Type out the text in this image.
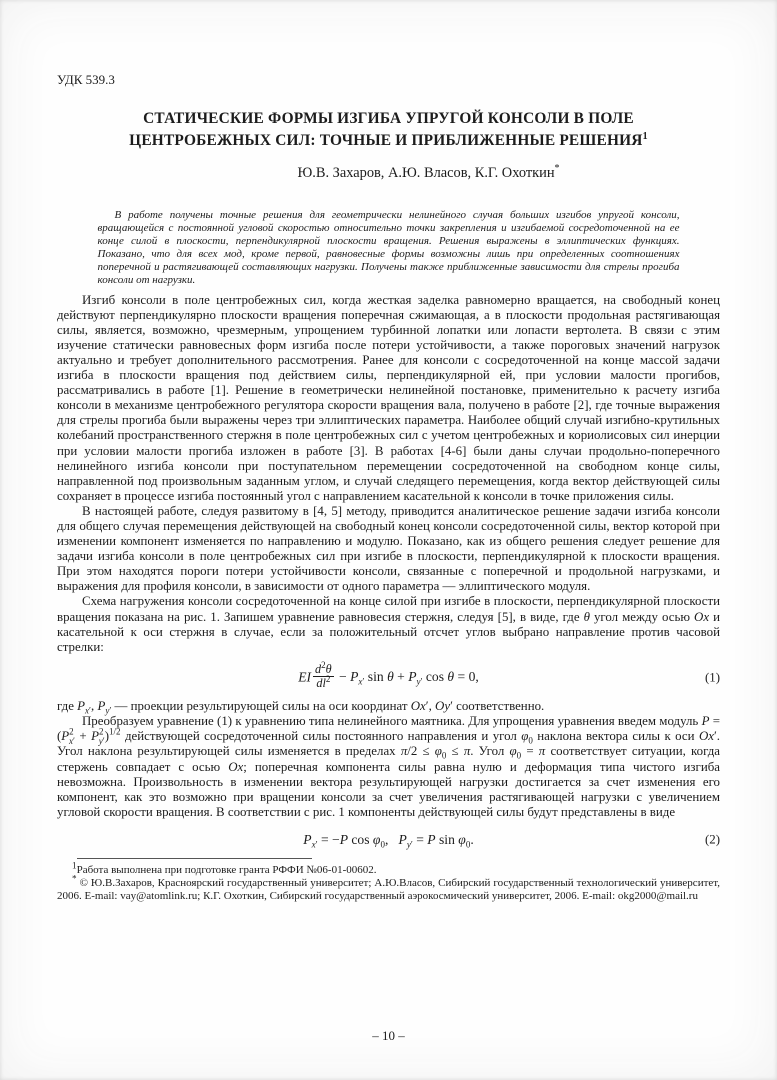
УДК 539.3
СТАТИЧЕСКИЕ ФОРМЫ ИЗГИБА УПРУГОЙ КОНСОЛИ В ПОЛЕ
ЦЕНТРОБЕЖНЫХ СИЛ: ТОЧНЫЕ И ПРИБЛИЖЕННЫЕ РЕШЕНИЯ$^1$
Ю.В. Захаров, А.Ю. Власов, К.Г. Охоткин*
В работе получены точные решения для геометрически нелинейного случая больших изгибов упругой консоли, вращающейся с постоянной угловой скоростью относительно точки закрепления и изгибаемой сосредоточенной на ее конце силой в плоскости, перпендикулярной плоскости вращения. Решения выражены в эллиптических функциях. Показано, что для всех мод, кроме первой, равновесные формы возможны лишь при определенных соотношениях поперечной и растягивающей составляющих нагрузки. Получены также приближенные зависимости для стрелы прогиба консоли от нагрузки.

Изгиб консоли в поле центробежных сил, когда жесткая заделка равномерно вращается, на свободный конец действуют перпендикулярно плоскости вращения поперечная сжимающая, а в плоскости продольная растягивающая силы, является, возможно, чрезмерным, упрощением турбинной лопатки или лопасти вертолета. В связи с этим изучение статически равновесных форм изгиба после потери устойчивости, а также пороговых значений нагрузок актуально и требует дополнительного рассмотрения. Ранее для консоли с сосредоточенной на конце массой задачи изгиба в плоскости вращения под действием силы, перпендикулярной ей, при условии малости прогибов, рассматривались в работе [1]. Решение в геометрически нелинейной постановке, применительно к расчету изгиба консоли в механизме центробежного регулятора скорости вращения вала, получено в работе [2], где точные выражения для стрелы прогиба были выражены через три эллиптических параметра. Наиболее общий случай изгибно-крутильных колебаний пространственного стержня в поле центробежных сил с учетом центробежных и кориолисовых сил инерции при условии малости прогиба изложен в работе [3]. В работах [4-6] были даны случаи продольно-поперечного нелинейного изгиба консоли при поступательном перемещении сосредоточенной на свободном конце силы, направленной под произвольным заданным углом, и случай следящего перемещения, когда вектор действующей силы сохраняет в процессе изгиба постоянный угол с направлением касательной к консоли в точке приложения силы.

В настоящей работе, следуя развитому в [4, 5] методу, приводится аналитическое решение задачи изгиба консоли для общего случая перемещения действующей на свободный конец консоли сосредоточенной силы, вектор которой при изменении компонент изменяется по направлению и модулю. Показано, как из общего решения следует решение для задачи изгиба консоли в поле центробежных сил при изгибе в плоскости, перпендикулярной к плоскости вращения. При этом находятся пороги потери устойчивости консоли, связанные с поперечной и продольной нагрузками, и выражения для профиля консоли, в зависимости от одного параметра — эллиптического модуля.

Схема нагружения консоли сосредоточенной на конце силой при изгибе в плоскости, перпендикулярной плоскости вращения показана на рис. 1. Запишем уравнение равновесия стержня, следуя [5], в виде, где θ угол между осью Ox и касательной к оси стержня в случае, если за положительный отсчет углов выбрано направление против часовой стрелки:

EI $\frac{d^2\theta}{dl^2} - P_{x'}$ $\sin \theta + P_{y'}$ cos θ = 0,	(1)

где $P_{x'}$, $P_{y'}$ — проекции результирующей силы на оси координат Ox′, Oy′ соответственно.

Преобразуем уравнение (1) к уравнению типа нелинейного маятника. Для упрощения уравнения введем модуль $P = (P^2_{x'} + P^2_{y'})^{1/2}$ действующей сосредоточенной силы постоянного направления и угол $\varphi_0$ наклона вектора силы к оси Ox′. Угол наклона результирующей силы изменяется в пределах $\pi/2 \le \varphi_0 \le \pi$. Угол $\varphi_0 = \pi$ соответствует ситуации, когда стержень совпадает с осью Ox; поперечная компонента силы равна нулю и деформация типа чистого изгиба невозможна. Произвольность в изменении вектора результирующей нагрузки достигается за счет изменения его компонент, как это возможно при вращении консоли за счет увеличения растягивающей нагрузки с увеличением угловой скорости вращения. В соответствии с рис. 1 компоненты действующей силы будут представлены в виде

$P_{x'} = -P$ $\cos \varphi_0$,   $P_{y'} = P$ $\sin \varphi_0$.	(2)

$^1$Работа выполнена при подготовке гранта РФФИ №06-01-00602.

* © Ю.В.Захаров, Красноярский государственный университет; А.Ю.Власов, Сибирский государственный технологический университет, 2006. E-mail: vay@atomlink.ru; К.Г. Охоткин, Сибирский государственный аэрокосмический университет, 2006. E-mail: okg2000@mail.ru

– 10 –
